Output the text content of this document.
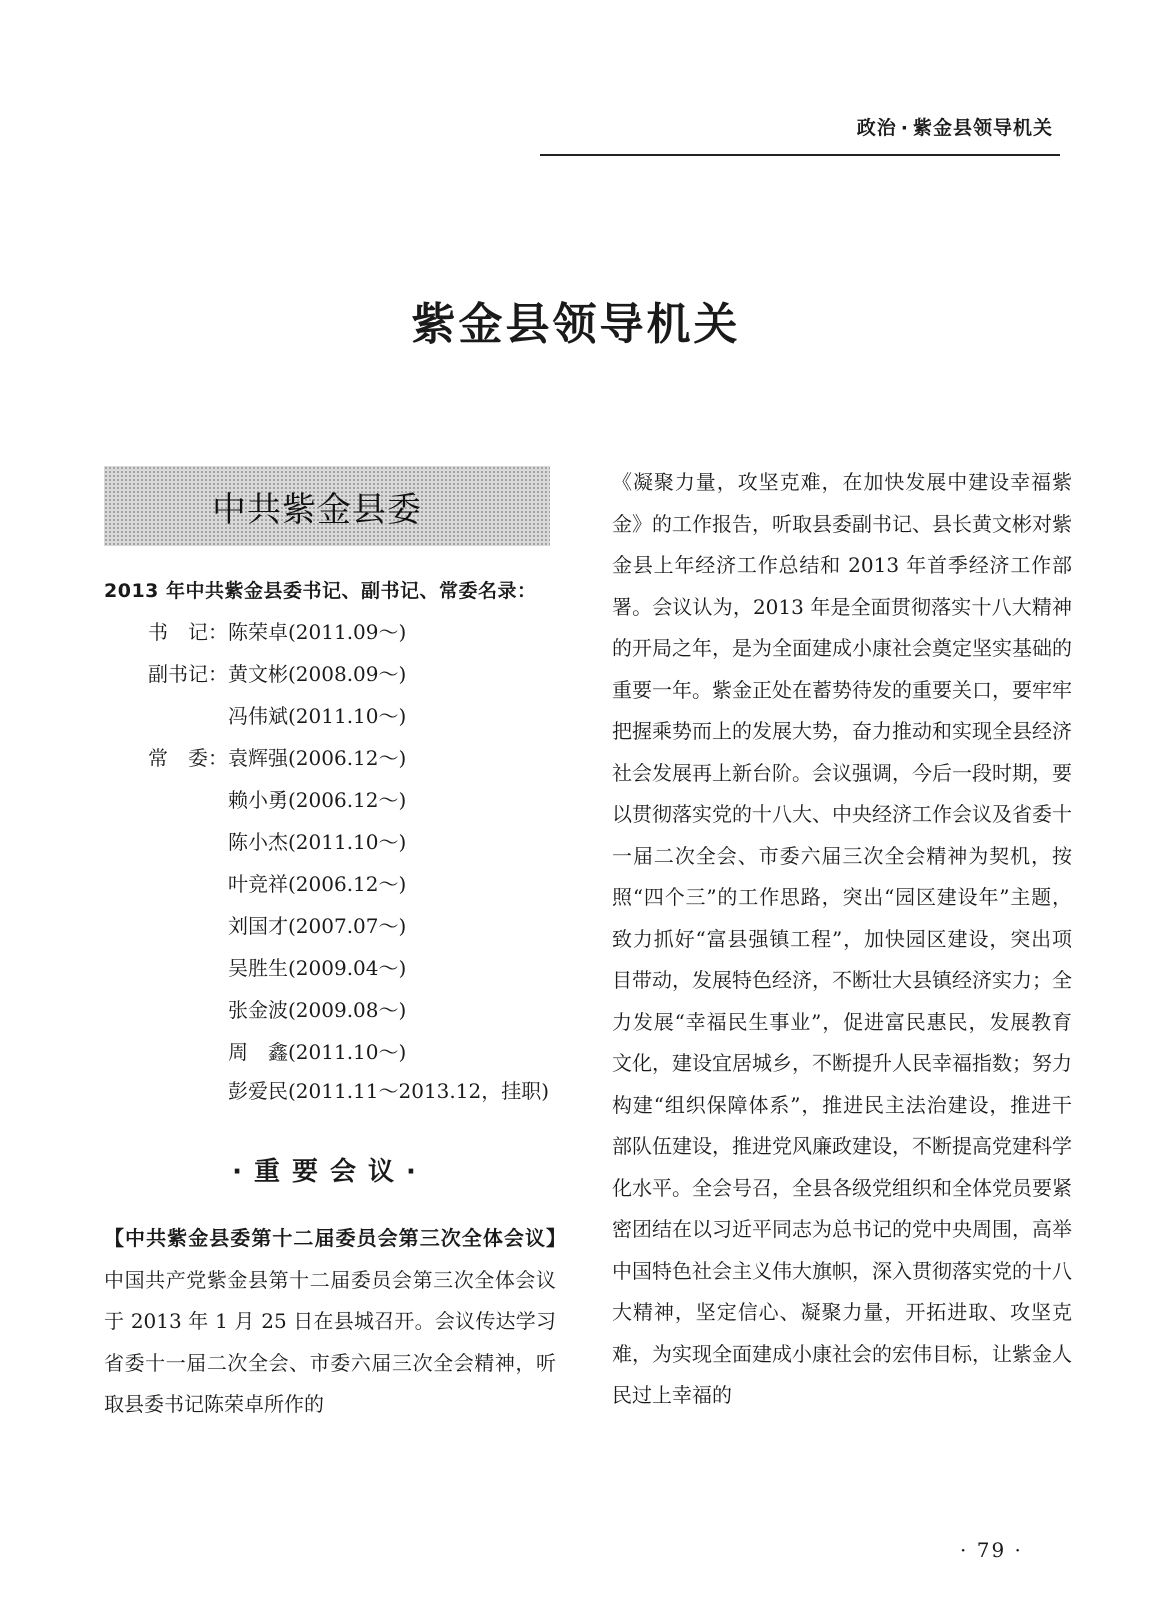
政治 · 紫金县领导机关
紫金县领导机关
中共紫金县委
2013 年中共紫金县委书记、副书记、常委名录：
书　记： 陈荣卓(2011.09～)
副书记： 黄文彬(2008.09～)
冯伟斌(2011.10～)
常　委： 袁辉强(2006.12～)
赖小勇(2006.12～)
陈小杰(2011.10～)
叶竞祥(2006.12～)
刘国才(2007.07～)
吴胜生(2009.04～)
张金波(2009.08～)
周　鑫(2011.10～)
彭爱民(2011.11～2013.12，挂职)
·重要会议·

【中共紫金县委第十二届委员会第三次全体会议】　中国共产党紫金县第十二届委员会第三次全体会议于 2013 年 1 月 25 日在县城召开。会议传达学习省委十一届二次全会、市委六届三次全会精神，听取县委书记陈荣卓所作的

《凝聚力量，攻坚克难，在加快发展中建设幸福紫金》的工作报告，听取县委副书记、县长黄文彬对紫金县上年经济工作总结和 2013 年首季经济工作部署。会议认为，2013 年是全面贯彻落实十八大精神的开局之年，是为全面建成小康社会奠定坚实基础的重要一年。紫金正处在蓄势待发的重要关口，要牢牢把握乘势而上的发展大势，奋力推动和实现全县经济社会发展再上新台阶。会议强调，今后一段时期，要以贯彻落实党的十八大、中央经济工作会议及省委十一届二次全会、市委六届三次全会精神为契机，按照“四个三”的工作思路，突出“园区建设年”主题，致力抓好“富县强镇工程”，加快园区建设，突出项目带动，发展特色经济，不断壮大县镇经济实力；全力发展“幸福民生事业”，促进富民惠民，发展教育文化，建设宜居城乡，不断提升人民幸福指数；努力构建“组织保障体系”，推进民主法治建设，推进干部队伍建设，推进党风廉政建设，不断提高党建科学化水平。全会号召，全县各级党组织和全体党员要紧密团结在以习近平同志为总书记的党中央周围，高举中国特色社会主义伟大旗帜，深入贯彻落实党的十八大精神，坚定信心、凝聚力量，开拓进取、攻坚克难，为实现全面建成小康社会的宏伟目标，让紫金人民过上幸福的

· 79 ·
